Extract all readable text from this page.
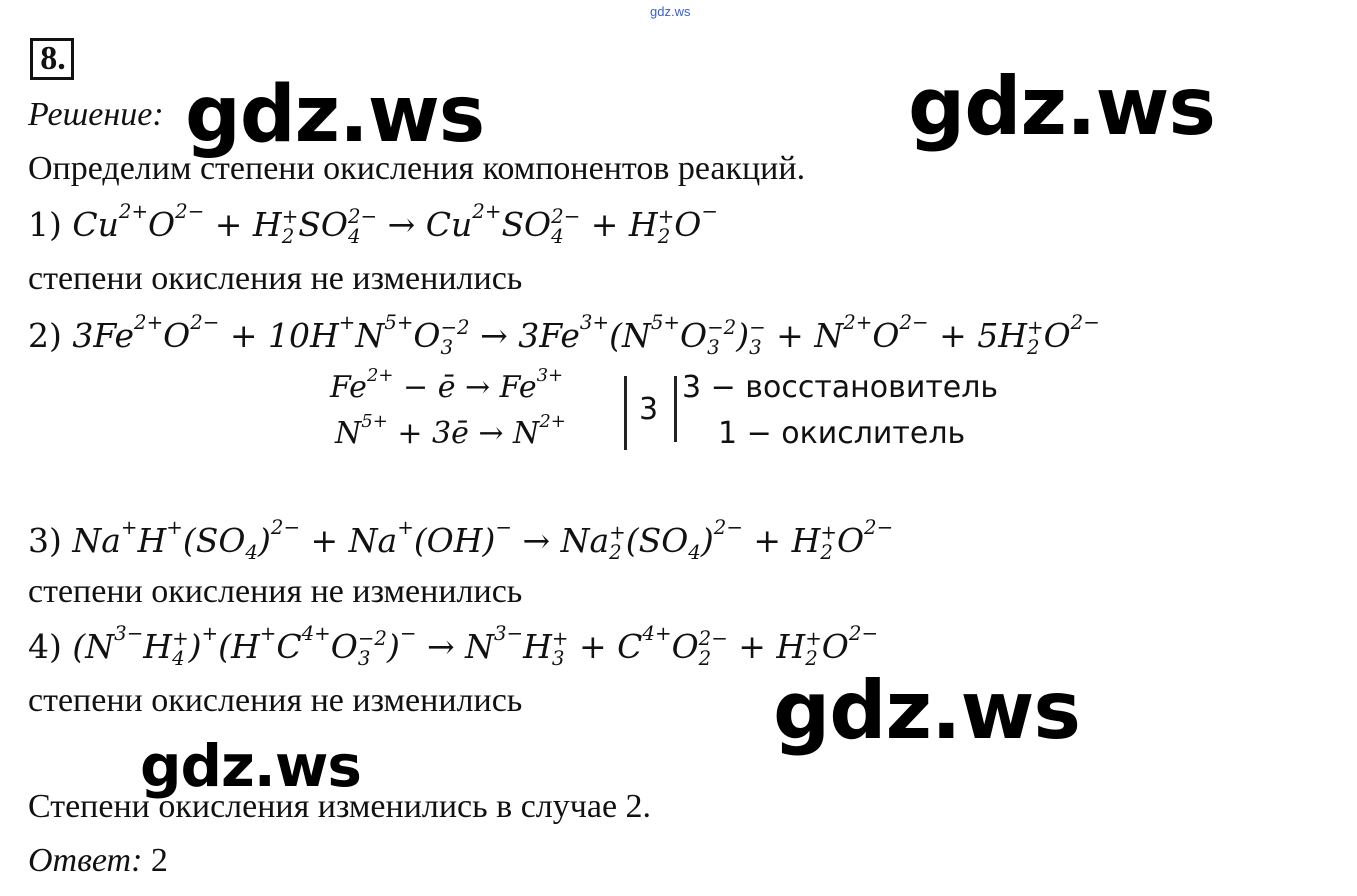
gdz.ws
8.
Решение:
Определим степени окисления компонентов реакций.
1) $Cu^{2+}O^{2-} + H$ +
2 SO 2−
$4 \to Cu^{2+}SO$ 2−
4 + H +
2 O−
степени окисления не изменились
2) $3Fe^{2+}O^{2-} + 10H^+N^{5+}O -2$
$3 \to 3Fe^{3+}(N^{5+}O -2$
3 ) −
$3 + N^{2+}O^{2-} + 5H$ +
2 $O^{2-}$
$Fe^{2+}$ − ē → $Fe^{3+}$
$N^{5+}$ + 3ē → $N^{2+}$ 3
3 − восстановитель
1 − окислитель
3) $Na^+H^+(SO_4)^{2-} + Na^+(OH)^- \to Na$ +
2 $(SO_4)^{2-} + H$ +
2 $O^{2-}$
степени окисления не изменились
4) ($N^{3-}H$ +
4 )$^+(H^+C^{4+}O -2$
3 )$^- \to N^{3-}H$ +
$3 + C^{4+}O$ 2−
2 + H +
2 $O^{2-}$
степени окисления не изменились
Степени окисления изменились в случае 2.
Ответ: 2
gdz.ws	gdz.ws
gdz.ws
gdz.ws
